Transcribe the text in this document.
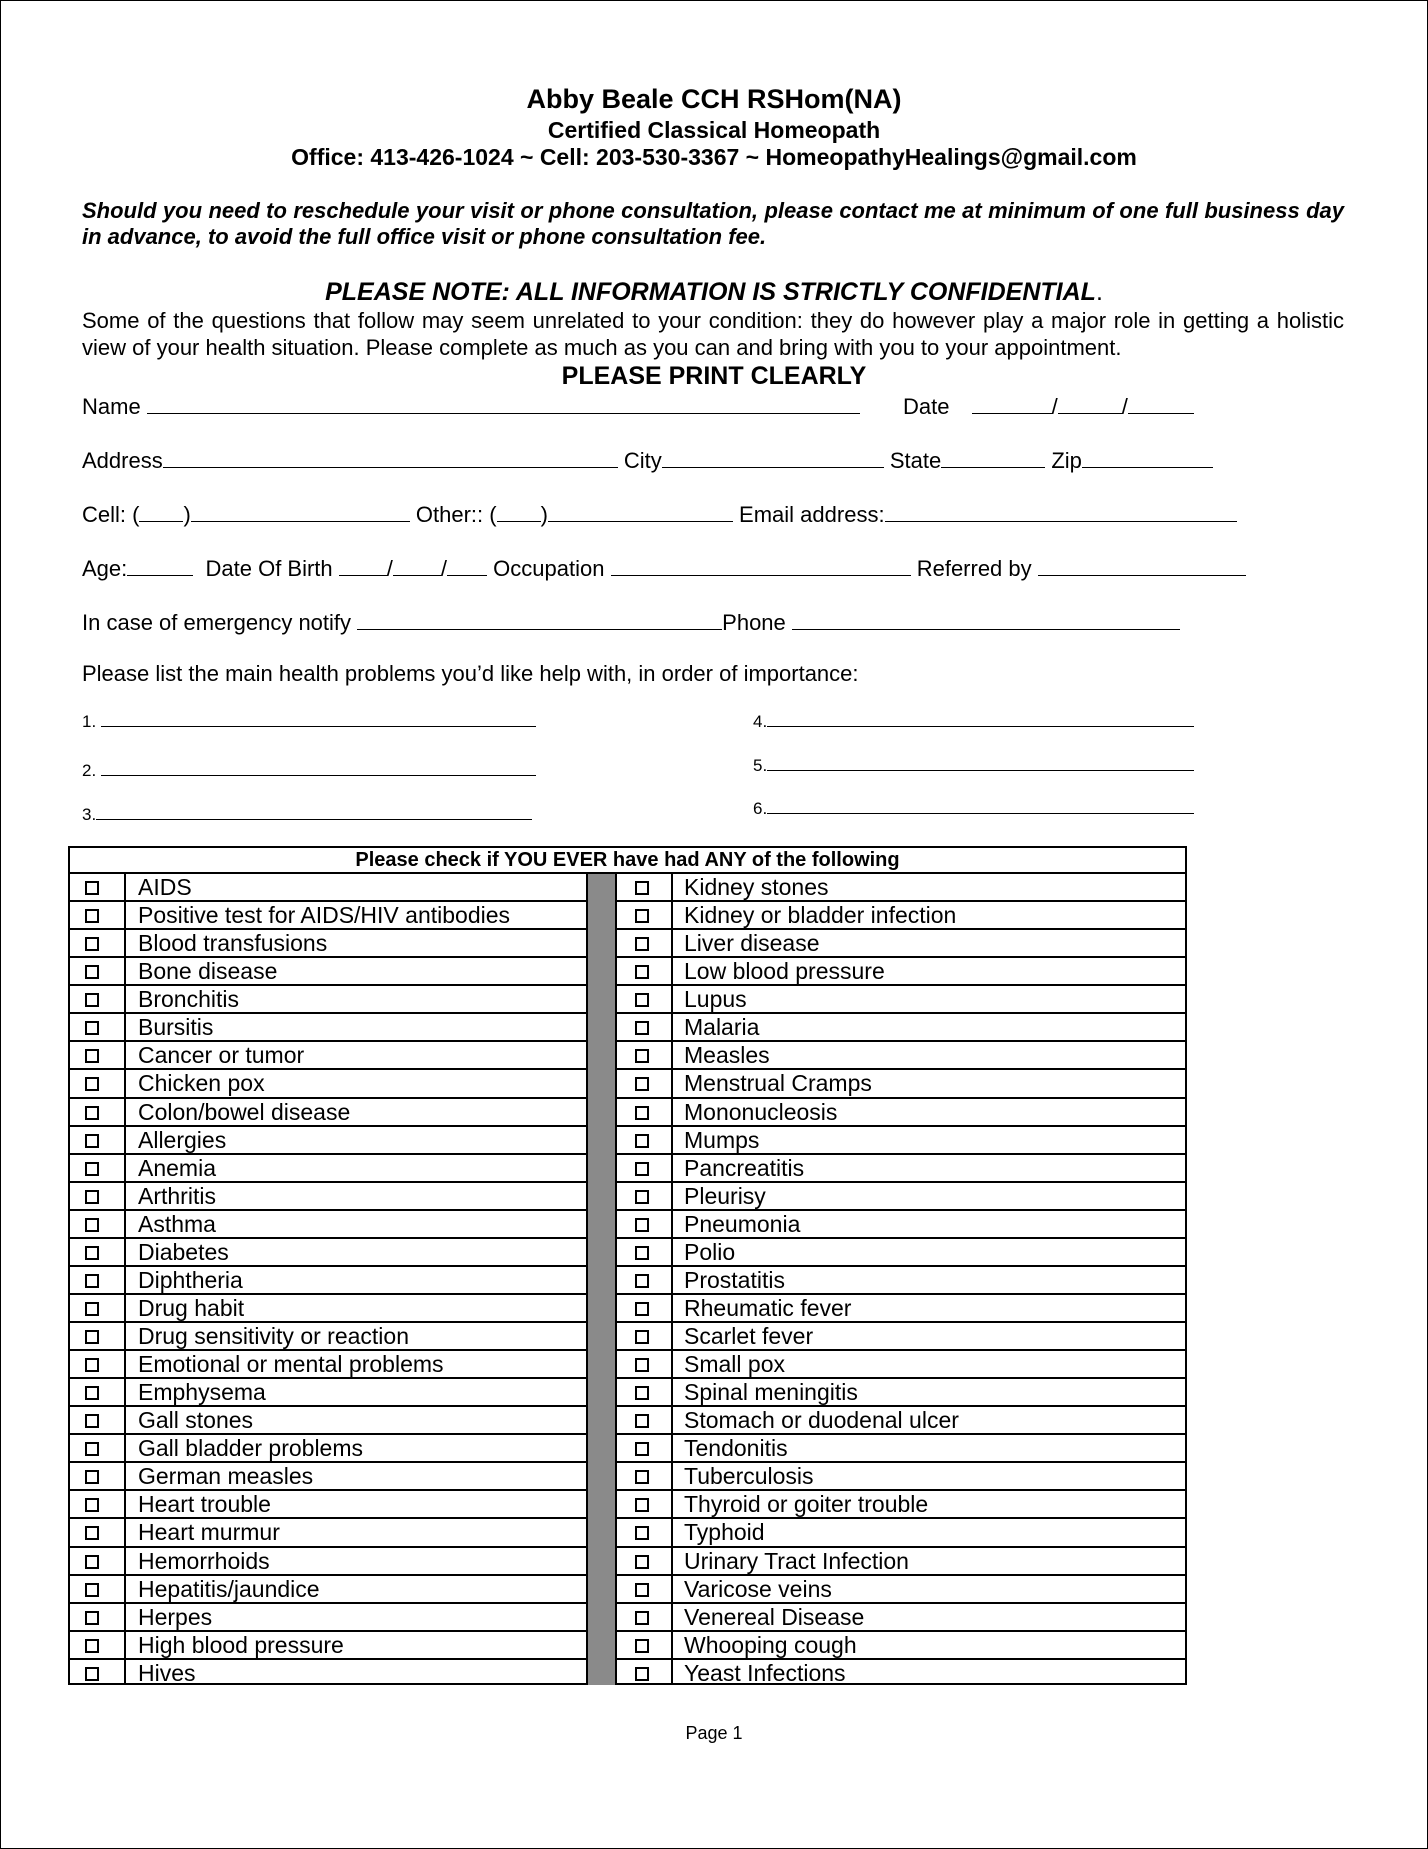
Abby Beale CCH RSHom(NA)
Certified Classical Homeopath
Office: 413-426-1024 ~ Cell: 203-530-3367 ~ HomeopathyHealings@gmail.com
Should you need to reschedule your visit or phone consultation, please contact me at minimum of one full business day in advance, to avoid the full office visit or phone consultation fee.
PLEASE NOTE: ALL INFORMATION IS STRICTLY CONFIDENTIAL.
Some of the questions that follow may seem unrelated to your condition: they do however play a major role in getting a holistic view of your health situation. Please complete as much as you can and bring with you to your appointment.
PLEASE PRINT CLEARLY
Name	Date	/	/
Address	City	State	Zip
Cell: ( )	Other:: ( )	Email address:
Age:	Date Of Birth / / Occupation	Referred by
In case of emergency notify	Phone
Please list the main health problems you’d like help with, in order of importance:
1.
2.
3.
4.
5.
6.
Please check if YOU EVER have had ANY of the following
AIDS	Kidney stones
Positive test for AIDS/HIV antibodies	Kidney or bladder infection
Blood transfusions	Liver disease
Bone disease	Low blood pressure
Bronchitis	Lupus
Bursitis	Malaria
Cancer or tumor	Measles
Chicken pox	Menstrual Cramps
Colon/bowel disease	Mononucleosis
Allergies	Mumps
Anemia	Pancreatitis
Arthritis	Pleurisy
Asthma	Pneumonia
Diabetes	Polio
Diphtheria	Prostatitis
Drug habit	Rheumatic fever
Drug sensitivity or reaction	Scarlet fever
Emotional or mental problems	Small pox
Emphysema	Spinal meningitis
Gall stones	Stomach or duodenal ulcer
Gall bladder problems	Tendonitis
German measles	Tuberculosis
Heart trouble	Thyroid or goiter trouble
Heart murmur	Typhoid
Hemorrhoids	Urinary Tract Infection
Hepatitis/jaundice	Varicose veins
Herpes	Venereal Disease
High blood pressure	Whooping cough
Hives	Yeast Infections
Page 1
